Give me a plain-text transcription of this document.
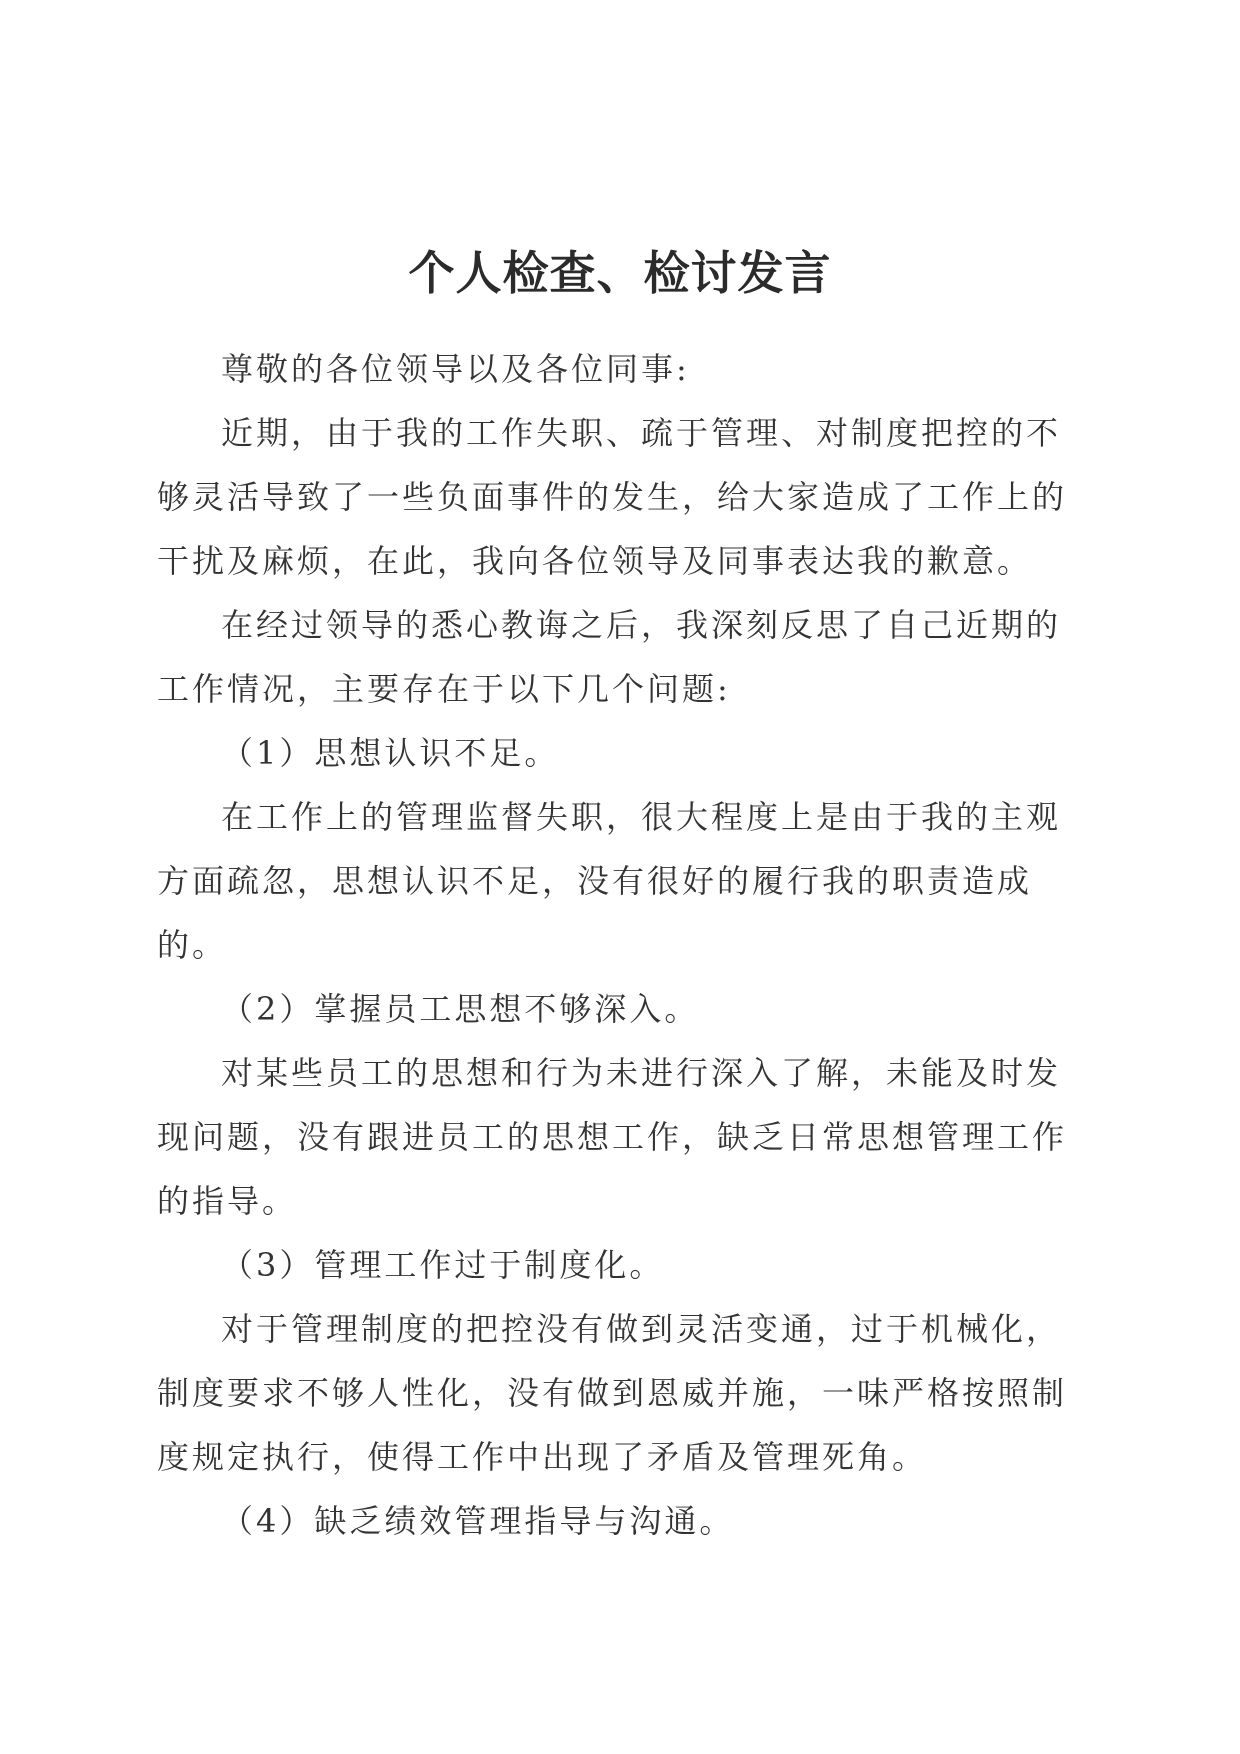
个人检查、检讨发言

尊敬的各位领导以及各位同事:

近期，由于我的工作失职、疏于管理、对制度把控的不够灵活导致了一些负面事件的发生，给大家造成了工作上的干扰及麻烦，在此，我向各位领导及同事表达我的歉意。

在经过领导的悉心教诲之后，我深刻反思了自己近期的工作情况，主要存在于以下几个问题:

（1）思想认识不足。

在工作上的管理监督失职，很大程度上是由于我的主观方面疏忽，思想认识不足，没有很好的履行我的职责造成的。

（2）掌握员工思想不够深入。

对某些员工的思想和行为未进行深入了解，未能及时发现问题，没有跟进员工的思想工作，缺乏日常思想管理工作的指导。

（3）管理工作过于制度化。

对于管理制度的把控没有做到灵活变通，过于机械化，制度要求不够人性化，没有做到恩威并施，一味严格按照制度规定执行，使得工作中出现了矛盾及管理死角。

（4）缺乏绩效管理指导与沟通。
